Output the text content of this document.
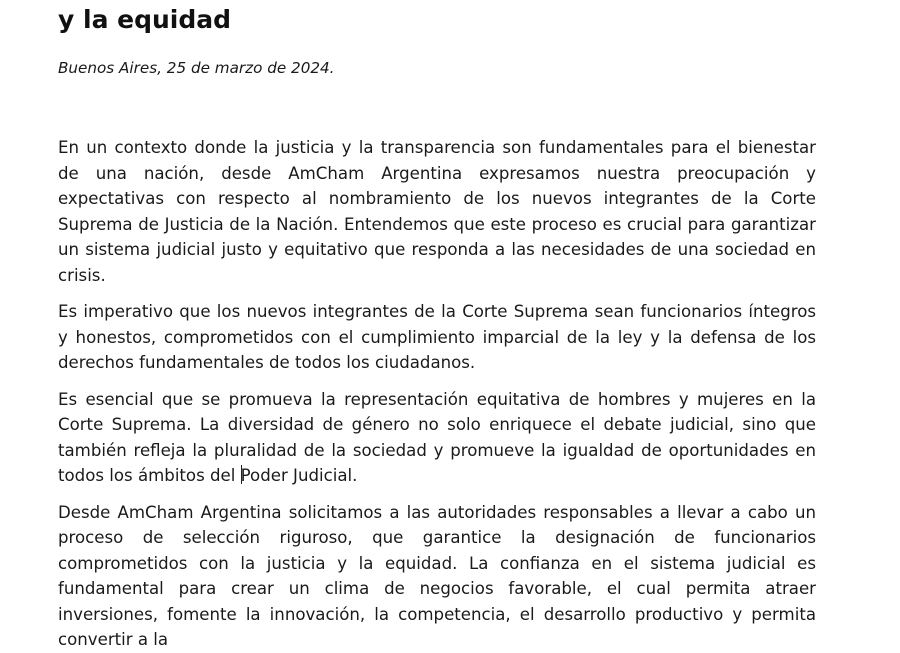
y la equidad

Buenos Aires, 25 de marzo de 2024.

En un contexto donde la justicia y la transparencia son fundamentales para el bienestar de una nación, desde AmCham Argentina expresamos nuestra preocupación y expectativas con respecto al nombramiento de los nuevos integrantes de la Corte Suprema de Justicia de la Nación. Entendemos que este proceso es crucial para garantizar un sistema judicial justo y equitativo que responda a las necesidades de una sociedad en crisis.

Es imperativo que los nuevos integrantes de la Corte Suprema sean funcionarios íntegros y honestos, comprometidos con el cumplimiento imparcial de la ley y la defensa de los derechos fundamentales de todos los ciudadanos.

Es esencial que se promueva la representación equitativa de hombres y mujeres en la Corte Suprema. La diversidad de género no solo enriquece el debate judicial, sino que también refleja la pluralidad de la sociedad y promueve la igualdad de oportunidades en todos los ámbitos del Poder Judicial.

Desde AmCham Argentina solicitamos a las autoridades responsables a llevar a cabo un proceso de selección riguroso, que garantice la designación de funcionarios comprometidos con la justicia y la equidad. La confianza en el sistema judicial es fundamental para crear un clima de negocios favorable, el cual permita atraer inversiones, fomente la innovación, la competencia, el desarrollo productivo y permita convertir a la
